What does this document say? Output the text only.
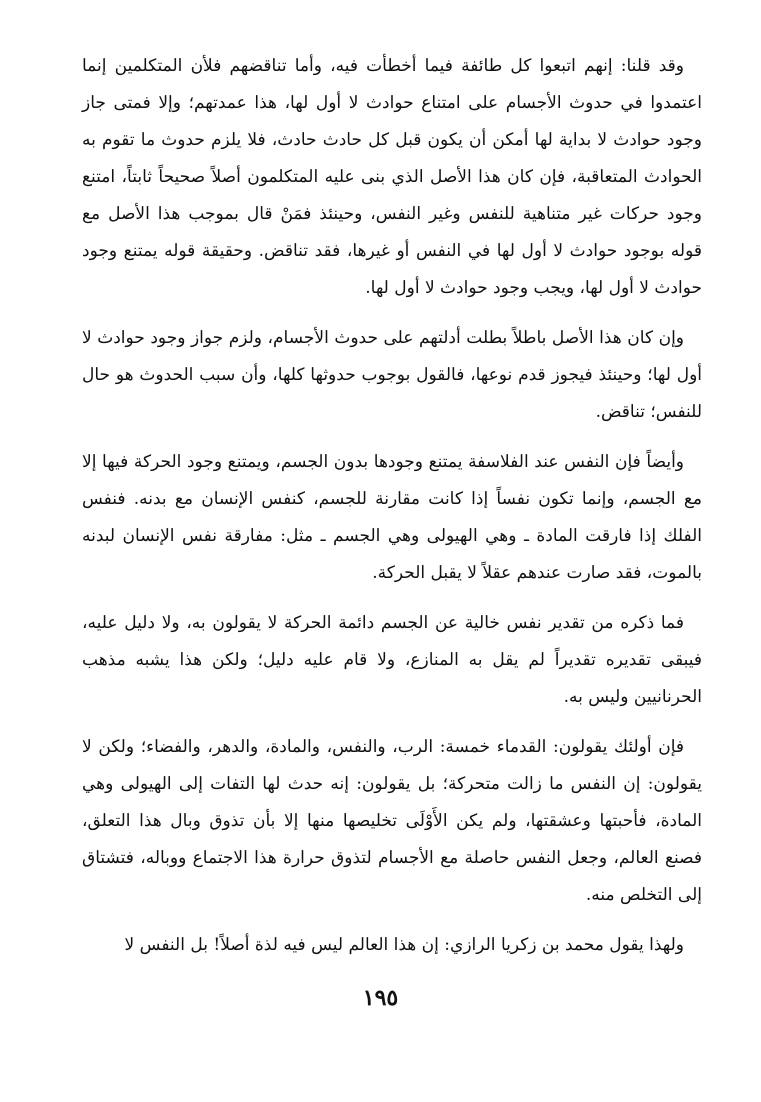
وقد قلنا: إنهم اتبعوا كل طائفة فيما أخطأت فيه، وأما تناقضهم فلأن المتكلمين إنما اعتمدوا في حدوث الأجسام على امتناع حوادث لا أول لها، هذا عمدتهم؛ وإلا فمتى جاز وجود حوادث لا بداية لها أمكن أن يكون قبل كل حادث حادث، فلا يلزم حدوث ما تقوم به الحوادث المتعاقبة، فإن كان هذا الأصل الذي بنى عليه المتكلمون أصلاً صحيحاً ثابتاً، امتنع وجود حركات غير متناهية للنفس وغير النفس، وحينئذ فمَنْ قال بموجب هذا الأصل مع قوله بوجود حوادث لا أول لها في النفس أو غيرها، فقد تناقض. وحقيقة قوله يمتنع وجود حوادث لا أول لها، ويجب وجود حوادث لا أول لها.

وإن كان هذا الأصل باطلاً بطلت أدلتهم على حدوث الأجسام، ولزم جواز وجود حوادث لا أول لها؛ وحينئذ فيجوز قدم نوعها، فالقول بوجوب حدوثها كلها، وأن سبب الحدوث هو حال للنفس؛ تناقض.

وأيضاً فإن النفس عند الفلاسفة يمتنع وجودها بدون الجسم، ويمتنع وجود الحركة فيها إلا مع الجسم، وإنما تكون نفساً إذا كانت مقارنة للجسم، كنفس الإنسان مع بدنه. فنفس الفلك إذا فارقت المادة ـ وهي الهيولى وهي الجسم ـ مثل: مفارقة نفس الإنسان لبدنه بالموت، فقد صارت عندهم عقلاً لا يقبل الحركة.

فما ذكره من تقدير نفس خالية عن الجسم دائمة الحركة لا يقولون به، ولا دليل عليه، فيبقى تقديره تقديراً لم يقل به المنازع، ولا قام عليه دليل؛ ولكن هذا يشبه مذهب الحرنانيين وليس به.

فإن أولئك يقولون: القدماء خمسة: الرب، والنفس، والمادة، والدهر، والفضاء؛ ولكن لا يقولون: إن النفس ما زالت متحركة؛ بل يقولون: إنه حدث لها التفات إلى الهيولى وهي المادة، فأحبتها وعشقتها، ولم يكن الأَوْلَى تخليصها منها إلا بأن تذوق وبال هذا التعلق، فصنع العالم، وجعل النفس حاصلة مع الأجسام لتذوق حرارة هذا الاجتماع ووباله، فتشتاق إلى التخلص منه.

ولهذا يقول محمد بن زكريا الرازي: إن هذا العالم ليس فيه لذة أصلاً! بل النفس لا

١٩٥
